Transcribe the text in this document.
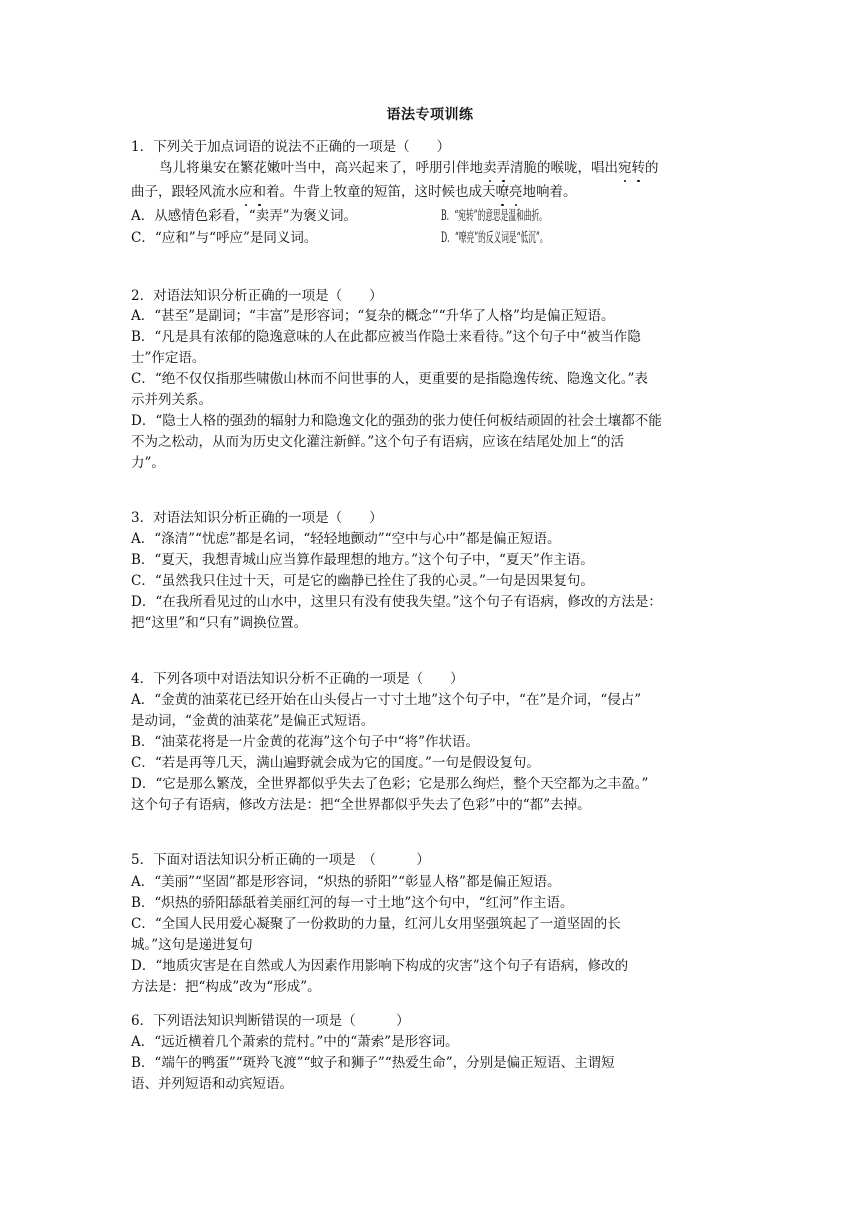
语法专项训练
1．下列关于加点词语的说法不正确的一项是（　　）
鸟儿将巢安在繁花嫩叶当中，高兴起来了，呼朋引伴地卖弄清脆的喉咙，唱出宛转的
曲子，跟轻风流水应和着。牛背上牧童的短笛，这时候也成天嘹亮地响着。
A．从感情色彩看，“卖弄”为褒义词。	B．“宛转”的意思是温和曲折。
C．“应和”与“呼应”是同义词。	D．“嘹亮”的反义词是“低沉”。
2．对语法知识分析正确的一项是（　　）
A．“甚至”是副词；“丰富”是形容词；“复杂的概念”“升华了人格”均是偏正短语。
B．“凡是具有浓郁的隐逸意味的人在此都应被当作隐士来看待。”这个句子中“被当作隐
士”作定语。
C．“绝不仅仅指那些啸傲山林而不问世事的人，更重要的是指隐逸传统、隐逸文化。”表
示并列关系。
D．“隐士人格的强劲的辐射力和隐逸文化的强劲的张力使任何板结顽固的社会土壤都不能
不为之松动，从而为历史文化灌注新鲜。”这个句子有语病，应该在结尾处加上“的活
力”。
3．对语法知识分析正确的一项是（　　）
A．“涤清”“忧虑”都是名词，“轻轻地颤动”“空中与心中”都是偏正短语。
B．“夏天，我想青城山应当算作最理想的地方。”这个句子中，“夏天”作主语。
C．“虽然我只住过十天，可是它的幽静已拴住了我的心灵。”一句是因果复句。
D．“在我所看见过的山水中，这里只有没有使我失望。”这个句子有语病，修改的方法是：
把“这里”和“只有”调换位置。
4．下列各项中对语法知识分析不正确的一项是（　　）
A．“金黄的油菜花已经开始在山头侵占一寸寸土地”这个句子中，“在”是介词，“侵占”
是动词，“金黄的油菜花”是偏正式短语。
B．“油菜花将是一片金黄的花海”这个句子中“将”作状语。
C．“若是再等几天，满山遍野就会成为它的国度。”一句是假设复句。
D．“它是那么繁茂，全世界都似乎失去了色彩；它是那么绚烂，整个天空都为之丰盈。”
这个句子有语病，修改方法是：把“全世界都似乎失去了色彩”中的“都”去掉。
5．下面对语法知识分析正确的一项是　（　　　）
A．“美丽”“坚固”都是形容词，“炽热的骄阳”“彰显人格”都是偏正短语。
B．“炽热的骄阳舔舐着美丽红河的每一寸土地”这个句中，“红河”作主语。
C．“全国人民用爱心凝聚了一份救助的力量，红河儿女用坚强筑起了一道坚固的长
城。”这句是递进复句
D．“地质灾害是在自然或人为因素作用影响下构成的灾害”这个句子有语病，修改的
方法是：把“构成”改为“形成”。
6．下列语法知识判断错误的一项是（　　　）
A．“远近横着几个萧索的荒村。”中的“萧索”是形容词。
B．“端午的鸭蛋”“斑羚飞渡”“蚊子和狮子”“热爱生命”，分别是偏正短语、主谓短
语、并列短语和动宾短语。
